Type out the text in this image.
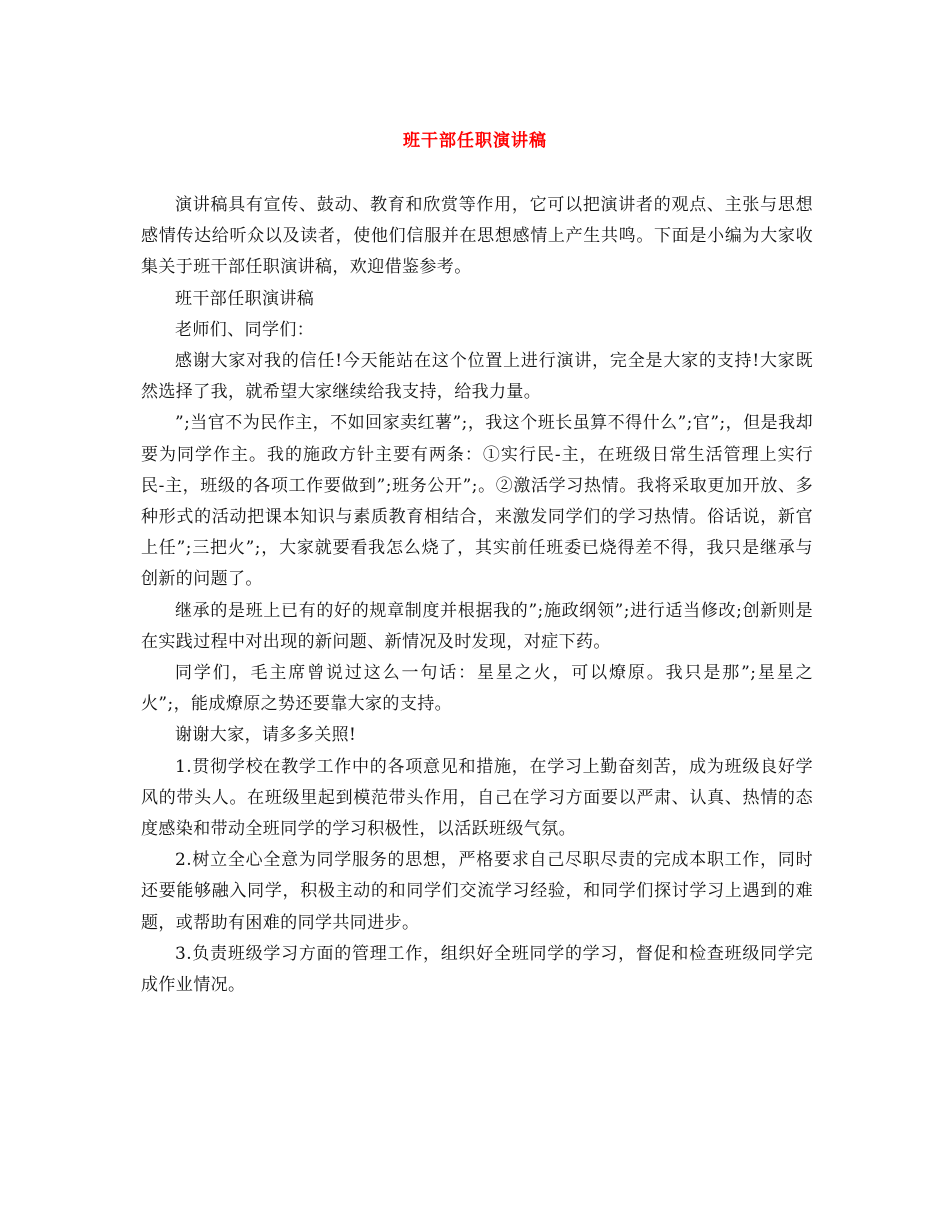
班干部任职演讲稿

演讲稿具有宣传、鼓动、教育和欣赏等作用，它可以把演讲者的观点、主张与思想感情传达给听众以及读者，使他们信服并在思想感情上产生共鸣。下面是小编为大家收集关于班干部任职演讲稿，欢迎借鉴参考。

班干部任职演讲稿

老师们、同学们：

感谢大家对我的信任!今天能站在这个位置上进行演讲，完全是大家的支持!大家既然选择了我，就希望大家继续给我支持，给我力量。

”;当官不为民作主，不如回家卖红薯”;，我这个班长虽算不得什么”;官”;，但是我却要为同学作主。我的施政方针主要有两条：①实行民-主，在班级日常生活管理上实行民-主，班级的各项工作要做到”;班务公开”;。②激活学习热情。我将采取更加开放、多种形式的活动把课本知识与素质教育相结合，来激发同学们的学习热情。俗话说，新官上任”;三把火”;，大家就要看我怎么烧了，其实前任班委已烧得差不得，我只是继承与创新的问题了。

继承的是班上已有的好的规章制度并根据我的”;施政纲领”;进行适当修改;创新则是在实践过程中对出现的新问题、新情况及时发现，对症下药。

同学们，毛主席曾说过这么一句话：星星之火，可以燎原。我只是那”;星星之火”;，能成燎原之势还要靠大家的支持。

谢谢大家，请多多关照!

1.贯彻学校在教学工作中的各项意见和措施，在学习上勤奋刻苦，成为班级良好学风的带头人。在班级里起到模范带头作用，自己在学习方面要以严肃、认真、热情的态度感染和带动全班同学的学习积极性，以活跃班级气氛。

2.树立全心全意为同学服务的思想，严格要求自己尽职尽责的完成本职工作，同时还要能够融入同学，积极主动的和同学们交流学习经验，和同学们探讨学习上遇到的难题，或帮助有困难的同学共同进步。

3.负责班级学习方面的管理工作，组织好全班同学的学习，督促和检查班级同学完成作业情况。
